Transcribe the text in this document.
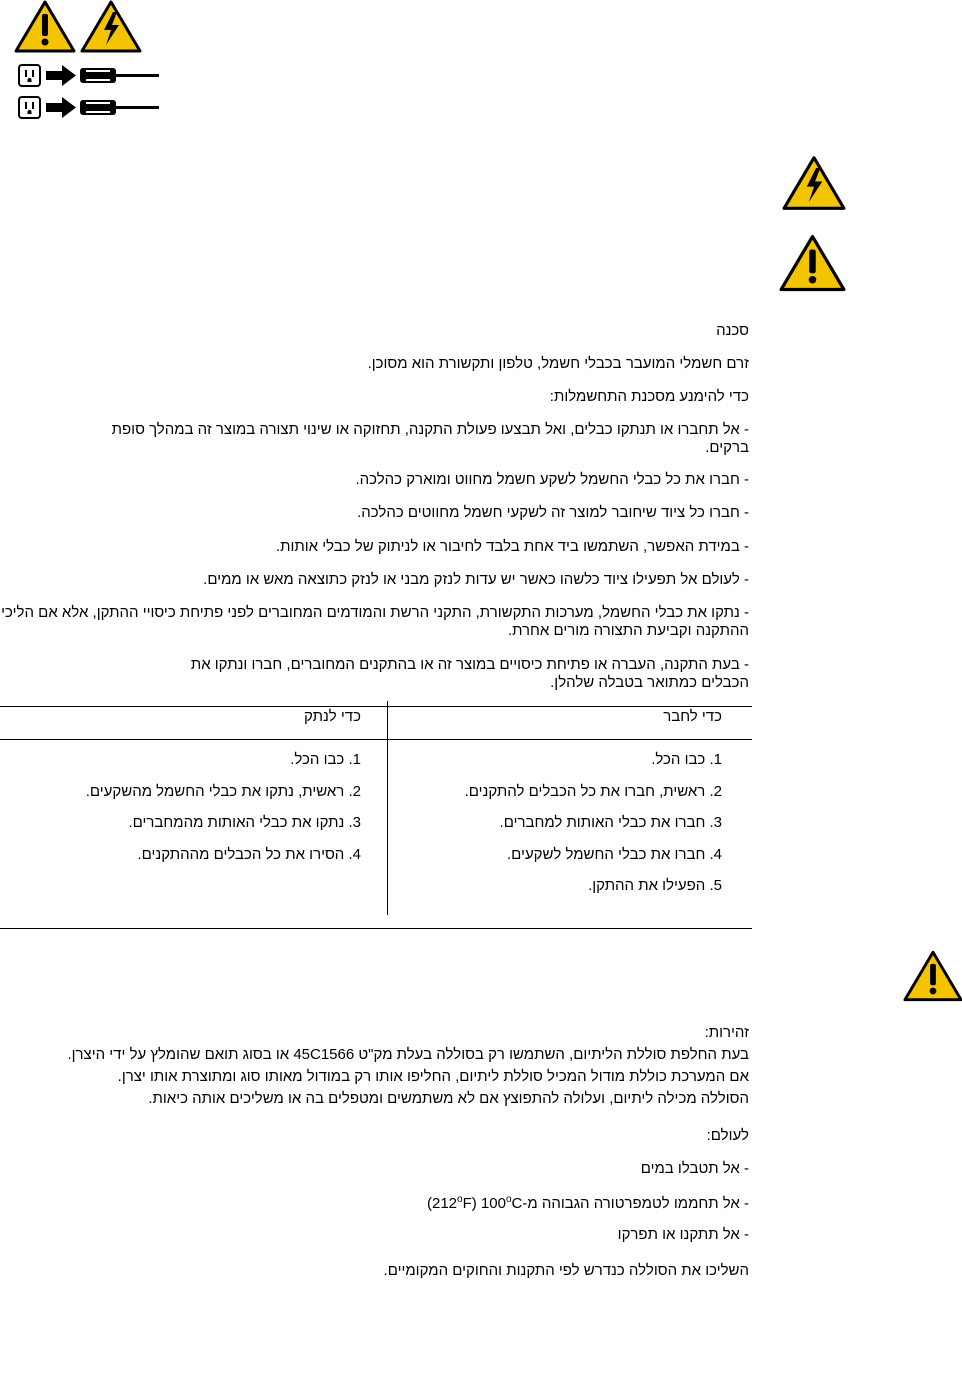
סכנה
זרם חשמלי המועבר בכבלי חשמל, טלפון ותקשורת הוא מסוכן.
כדי להימנע מסכנת התחשמלות:
- אל תחברו או תנתקו כבלים, ואל תבצעו פעולת התקנה, תחזוקה או שינוי תצורה במוצר זה במהלך סופת ברקים.
- חברו את כל כבלי החשמל לשקע חשמל מחווט ומוארק כהלכה.
- חברו כל ציוד שיחובר למוצר זה לשקעי חשמל מחווטים כהלכה.
- במידת האפשר, השתמשו ביד אחת בלבד לחיבור או לניתוק של כבלי אותות.
- לעולם אל תפעילו ציוד כלשהו כאשר יש עדות לנזק מבני או לנזק כתוצאה מאש או ממים.
- נתקו את כבלי החשמל, מערכות התקשורת, התקני הרשת והמודמים המחוברים לפני פתיחת כיסויי ההתקן, אלא אם הליכי ההתקנה וקביעת התצורה מורים אחרת.
- בעת התקנה, העברה או פתיחת כיסויים במוצר זה או בהתקנים המחוברים, חברו ונתקו את הכבלים כמתואר בטבלה שלהלן.
כדי לחבר
1. כבו הכל.
2. ראשית, חברו את כל הכבלים להתקנים.
3. חברו את כבלי האותות למחברים.
4. חברו את כבלי החשמל לשקעים.
5. הפעילו את ההתקן.
כדי לנתק
1. כבו הכל.
2. ראשית, נתקו את כבלי החשמל מהשקעים.
3. נתקו את כבלי האותות מהמחברים.
4. הסירו את כל הכבלים מההתקנים.
זהירות:
בעת החלפת סוללת הליתיום, השתמשו רק בסוללה בעלת מק"ט 45C1566 או בסוג תואם שהומלץ על ידי היצרן.
אם המערכת כוללת מודול המכיל סוללת ליתיום, החליפו אותו רק במודול מאותו סוג ומתוצרת אותו יצרן.
הסוללה מכילה ליתיום, ועלולה להתפוצץ אם לא משתמשים ומטפלים בה או משליכים אותה כיאות.
לעולם:
- אל תטבלו במים
- אל תחממו לטמפרטורה הגבוהה מ-(212$^o$F) 100$^o$C
- אל תתקנו או תפרקו
השליכו את הסוללה כנדרש לפי התקנות והחוקים המקומיים.
